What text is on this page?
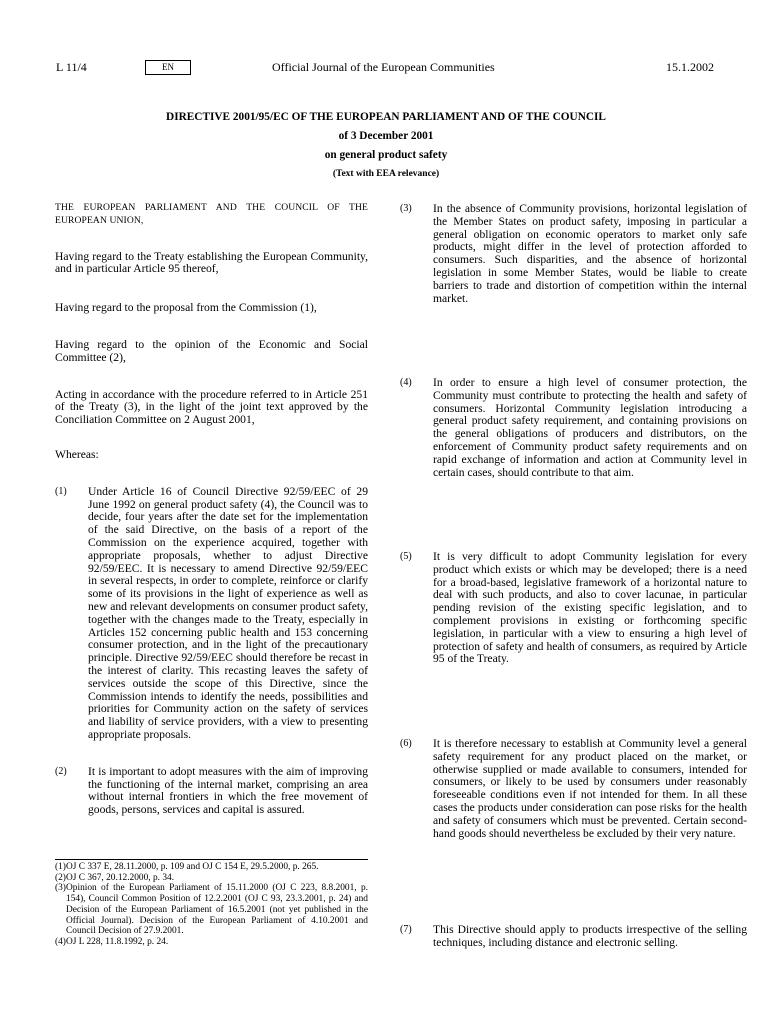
L 11/4	EN	Official Journal of the European Communities	15.1.2002
DIRECTIVE 2001/95/EC OF THE EUROPEAN PARLIAMENT AND OF THE COUNCIL
of 3 December 2001
on general product safety
(Text with EEA relevance)

THE EUROPEAN PARLIAMENT AND THE COUNCIL OF THE EUROPEAN UNION,

Having regard to the Treaty establishing the European Community, and in particular Article 95 thereof,

Having regard to the proposal from the Commission (1),

Having regard to the opinion of the Economic and Social Committee (2),

Acting in accordance with the procedure referred to in Article 251 of the Treaty (3), in the light of the joint text approved by the Conciliation Committee on 2 August 2001,

Whereas:

(1) Under Article 16 of Council Directive 92/59/EEC of 29 June 1992 on general product safety (4), the Council was to decide, four years after the date set for the implementation of the said Directive, on the basis of a report of the Commission on the experience acquired, together with appropriate proposals, whether to adjust Directive 92/59/EEC. It is necessary to amend Directive 92/59/EEC in several respects, in order to complete, reinforce or clarify some of its provisions in the light of experience as well as new and relevant developments on consumer product safety, together with the changes made to the Treaty, especially in Articles 152 concerning public health and 153 concerning consumer protection, and in the light of the precautionary principle. Directive 92/59/EEC should therefore be recast in the interest of clarity. This recasting leaves the safety of services outside the scope of this Directive, since the Commission intends to identify the needs, possibilities and priorities for Community action on the safety of services and liability of service providers, with a view to presenting appropriate proposals.
(2) It is important to adopt measures with the aim of improving the functioning of the internal market, comprising an area without internal frontiers in which the free movement of goods, persons, services and capital is assured.
(1) OJ C 337 E, 28.11.2000, p. 109 and OJ C 154 E, 29.5.2000, p. 265.
(2) OJ C 367, 20.12.2000, p. 34.
(3) Opinion of the European Parliament of 15.11.2000 (OJ C 223, 8.8.2001, p. 154), Council Common Position of 12.2.2001 (OJ C 93, 23.3.2001, p. 24) and Decision of the European Parliament of 16.5.2001 (not yet published in the Official Journal). Decision of the European Parliament of 4.10.2001 and Council Decision of 27.9.2001.
(4) OJ L 228, 11.8.1992, p. 24.
(3) In the absence of Community provisions, horizontal legislation of the Member States on product safety, imposing in particular a general obligation on economic operators to market only safe products, might differ in the level of protection afforded to consumers. Such disparities, and the absence of horizontal legislation in some Member States, would be liable to create barriers to trade and distortion of competition within the internal market.
(4) In order to ensure a high level of consumer protection, the Community must contribute to protecting the health and safety of consumers. Horizontal Community legislation introducing a general product safety requirement, and containing provisions on the general obligations of producers and distributors, on the enforcement of Community product safety requirements and on rapid exchange of information and action at Community level in certain cases, should contribute to that aim.
(5) It is very difficult to adopt Community legislation for every product which exists or which may be developed; there is a need for a broad-based, legislative framework of a horizontal nature to deal with such products, and also to cover lacunae, in particular pending revision of the existing specific legislation, and to complement provisions in existing or forthcoming specific legislation, in particular with a view to ensuring a high level of protection of safety and health of consumers, as required by Article 95 of the Treaty.
(6) It is therefore necessary to establish at Community level a general safety requirement for any product placed on the market, or otherwise supplied or made available to consumers, intended for consumers, or likely to be used by consumers under reasonably foreseeable conditions even if not intended for them. In all these cases the products under consideration can pose risks for the health and safety of consumers which must be prevented. Certain second-hand goods should nevertheless be excluded by their very nature.
(7) This Directive should apply to products irrespective of the selling techniques, including distance and electronic selling.
